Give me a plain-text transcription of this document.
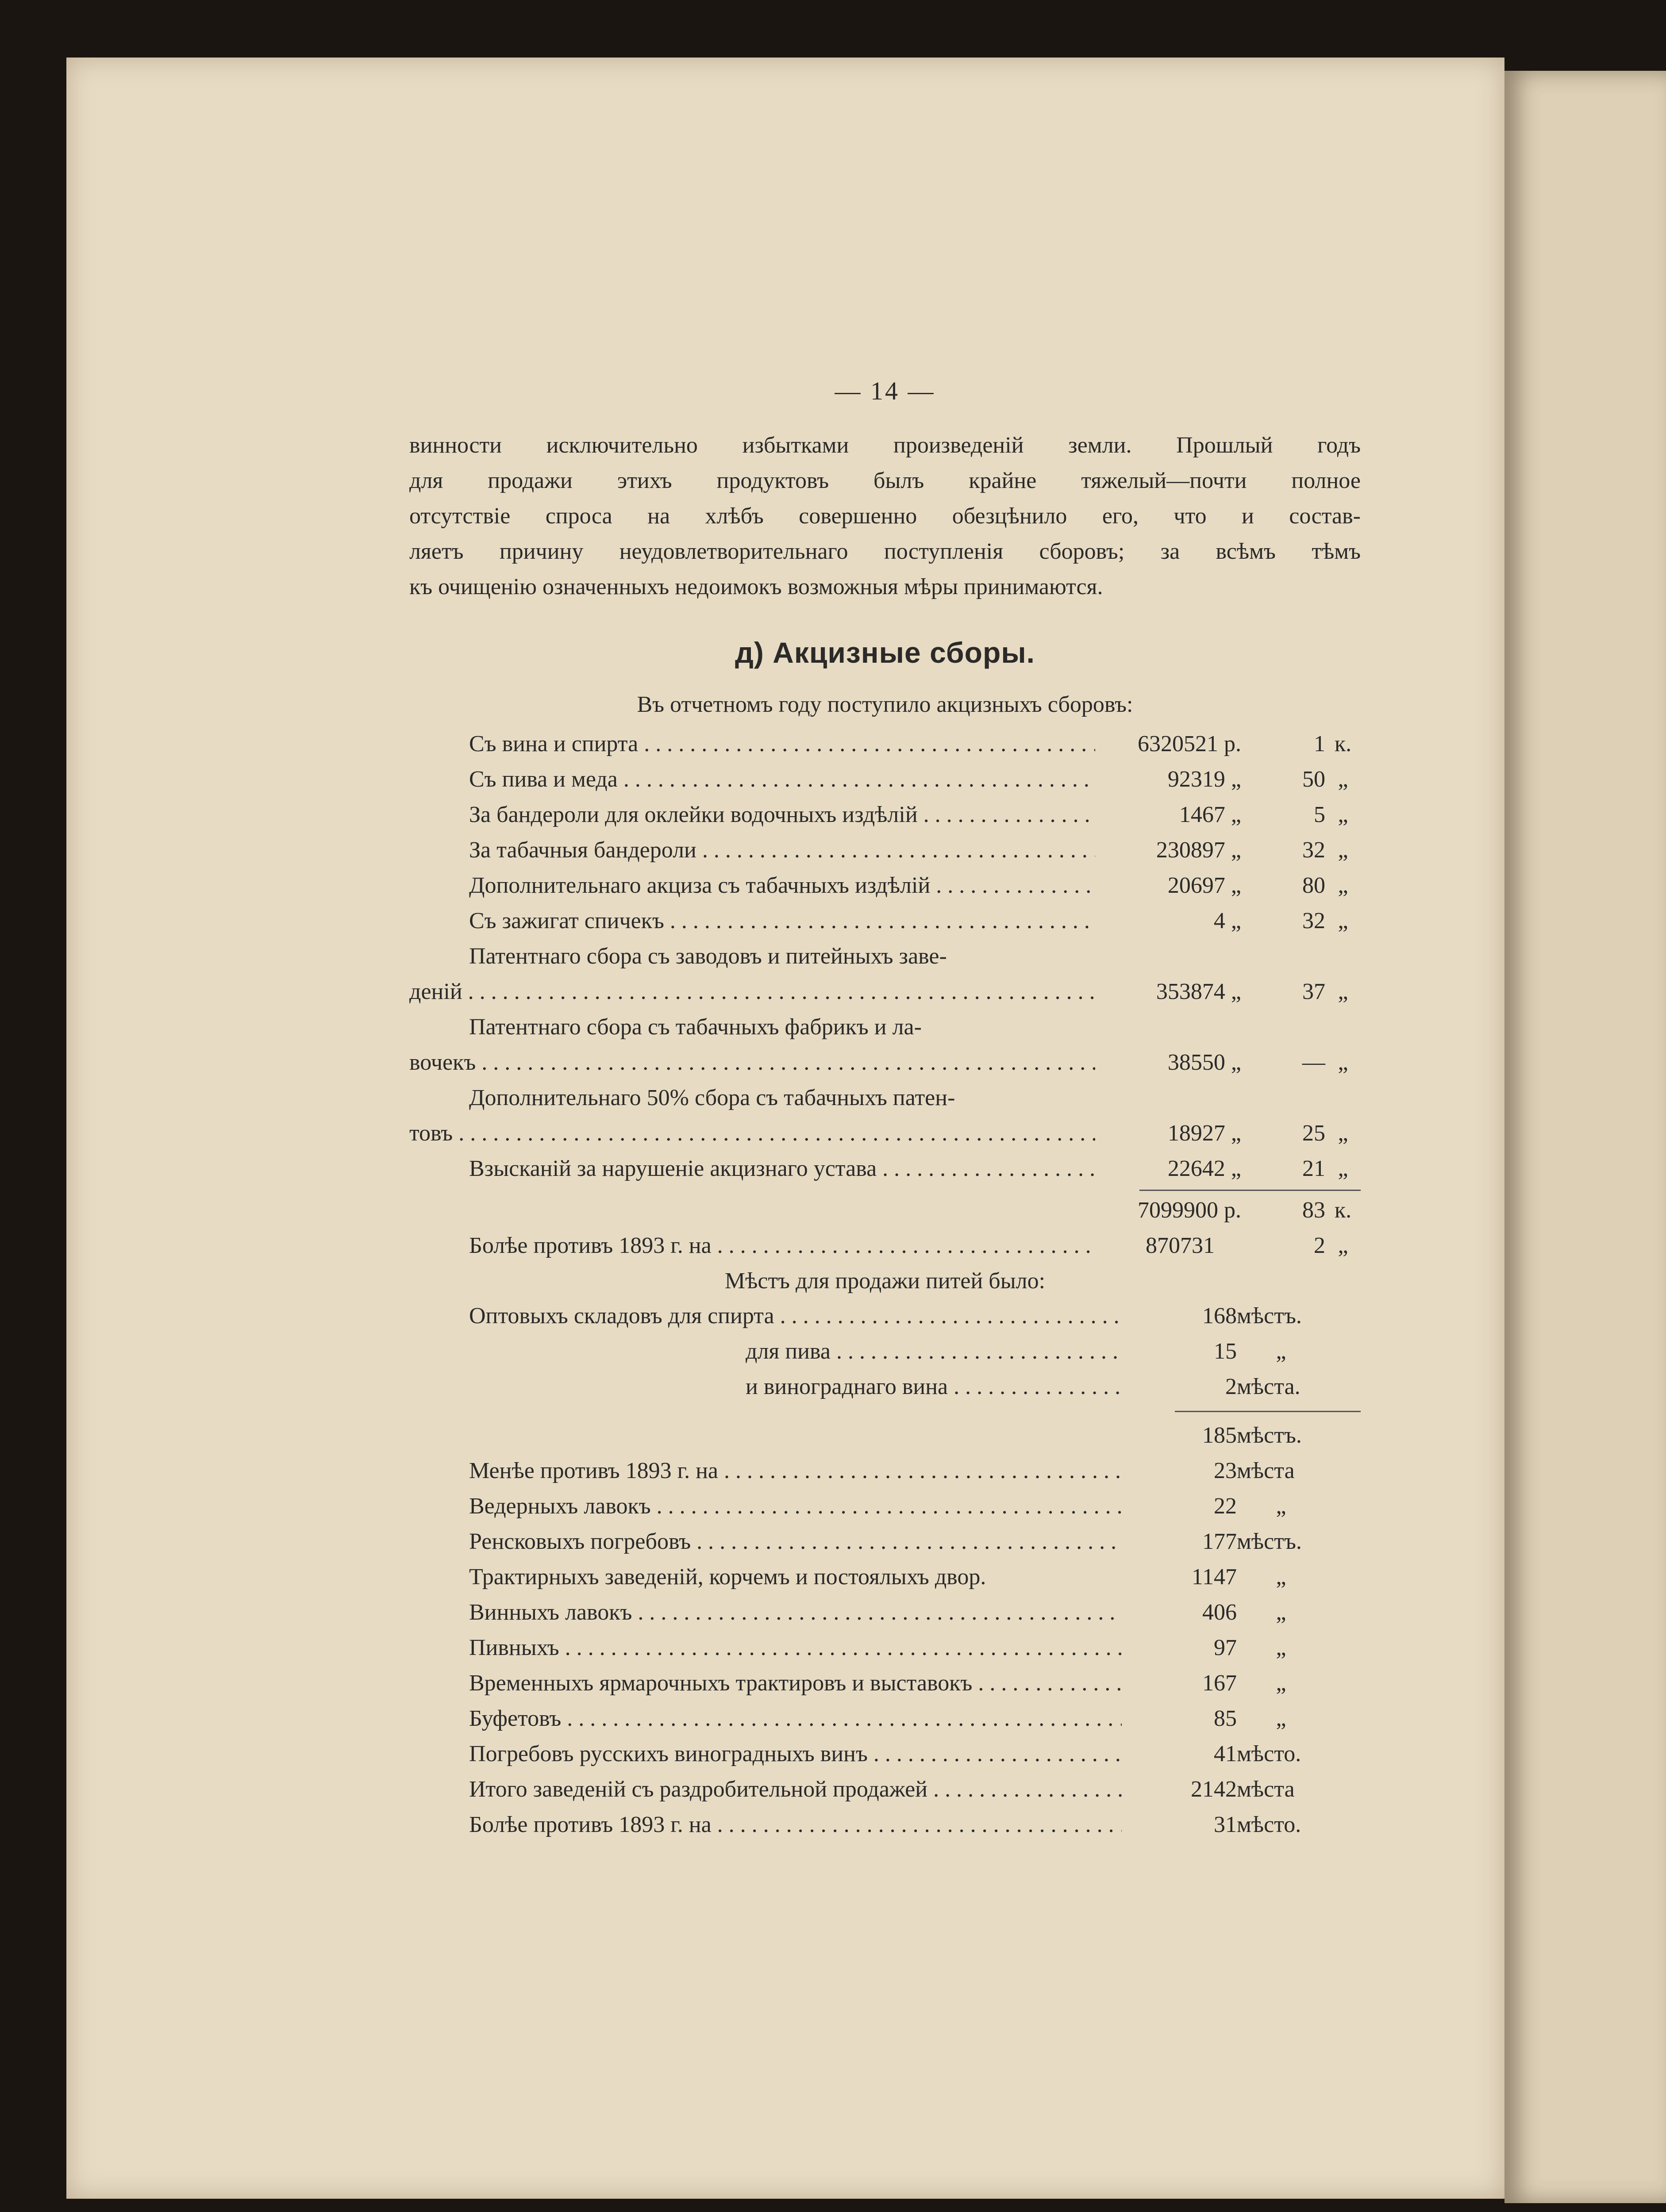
— 14 —
винности исключительно избытками произведеній земли. Прошлый годъ
для продажи этихъ продуктовъ былъ крайне тяжелый—почти полное
отсутствіе спроса на хлѣбъ совершенно обезцѣнило его, что и состав-
ляетъ причину неудовлетворительнаго поступленія сборовъ; за всѣмъ тѣмъ
къ очищенію означенныхъ недоимокъ возможныя мѣры принимаются.
д) Акцизные сборы.
Въ отчетномъ году поступило акцизныхъ сборовъ:
Съ вина и спирта . . .	6320521 р.	1 к.
Съ пива и меда . . .	92319 „	50 „
За бандероли для оклейки водочныхъ издѣлій . . .	1467 „	5 „
За табачныя бандероли . . .	230897 „	32 „
Дополнительнаго акциза съ табачныхъ издѣлій . . .	20697 „	80 „
Съ зажигат спичекъ . . .	4 „	32 „
Патентнаго сбора съ заводовъ и питейныхъ заве-
деній . . .	353874 „	37 „
Патентнаго сбора съ табачныхъ фабрикъ и ла-
вочекъ . . .	38550 „	— „
Дополнительнаго 50% сбора съ табачныхъ патен-
товъ . . .	18927 „	25 „
Взысканій за нарушеніе акцизнаго устава . . .	22642 „	21 „
7099900 р.	83 к.
Болѣе противъ 1893 г. на . . .	870731	2 „
Мѣстъ для продажи питей было:
Оптовыхъ складовъ для спирта . . .	168 мѣстъ.
для пива . . .	15	„
и винограднаго вина . . .	2 мѣста.
185 мѣстъ.
Менѣе противъ 1893 г. на . . .	23 мѣста
Ведерныхъ лавокъ . . .	22	„
Ренсковыхъ погребовъ . . .	177 мѣстъ.
Трактирныхъ заведеній, корчемъ и постоялыхъ двор.	1147	„
Винныхъ лавокъ . . .	406	„
Пивныхъ . . .	97	„
Временныхъ ярмарочныхъ трактировъ и выставокъ . . .	167	„
Буфетовъ . . .	85	„
Погребовъ русскихъ виноградныхъ винъ . . .	41 мѣсто.
Итого заведеній съ раздробительной продажей . . .	2142 мѣста
Болѣе противъ 1893 г. на . . .	31 мѣсто.
